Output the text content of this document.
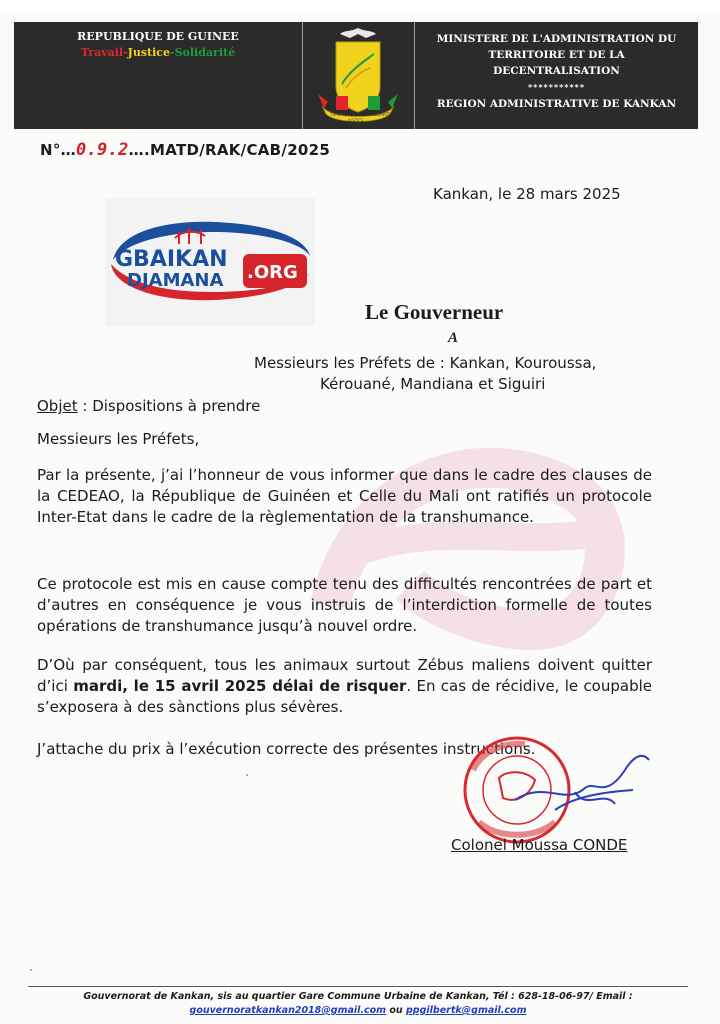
REPUBLIQUE DE GUINEE
Travail-Justice-Solidarité
TRAVAIL
JUSTICE
SOLIDARITE
MINISTERE DE L'ADMINISTRATION DU
TERRITOIRE ET DE LA
DECENTRALISATION
***********
REGION ADMINISTRATIVE DE KANKAN
N°…0.9.2….MATD/RAK/CAB/2025
Kankan, le 28 mars 2025
GBAIKAN
DJAMANA .ORG
Le Gouverneur
A
Messieurs les Préfets de : Kankan, Kouroussa,
Kérouané, Mandiana et Siguiri
Objet : Dispositions à prendre
Messieurs les Préfets,
Par la présente, j’ai l’honneur de vous informer que dans le cadre des clauses de la CEDEAO, la République de Guinéen et Celle du Mali ont ratifiés un protocole Inter-Etat dans le cadre de la règlementation de la transhumance.
Ce protocole est mis en cause compte tenu des difficultés rencontrées de part et d’autres en conséquence je vous instruis de l’interdiction formelle de toutes opérations de transhumance jusqu’à nouvel ordre.
D’Où par conséquent, tous les animaux surtout Zébus maliens doivent quitter d’ici mardi, le 15 avril 2025 délai de risquer. En cas de récidive, le coupable s’exposera à des sànctions plus sévères.
J’attache du prix à l’exécution correcte des présentes instructions.
Colonel Moussa CONDE
Gouvernorat de Kankan, sis au quartier Gare Commune Urbaine de Kankan, Tél : 628-18-06-97/ Email :
gouvernoratkankan2018@gmail.com ou ppgilbertk@gmail.com
